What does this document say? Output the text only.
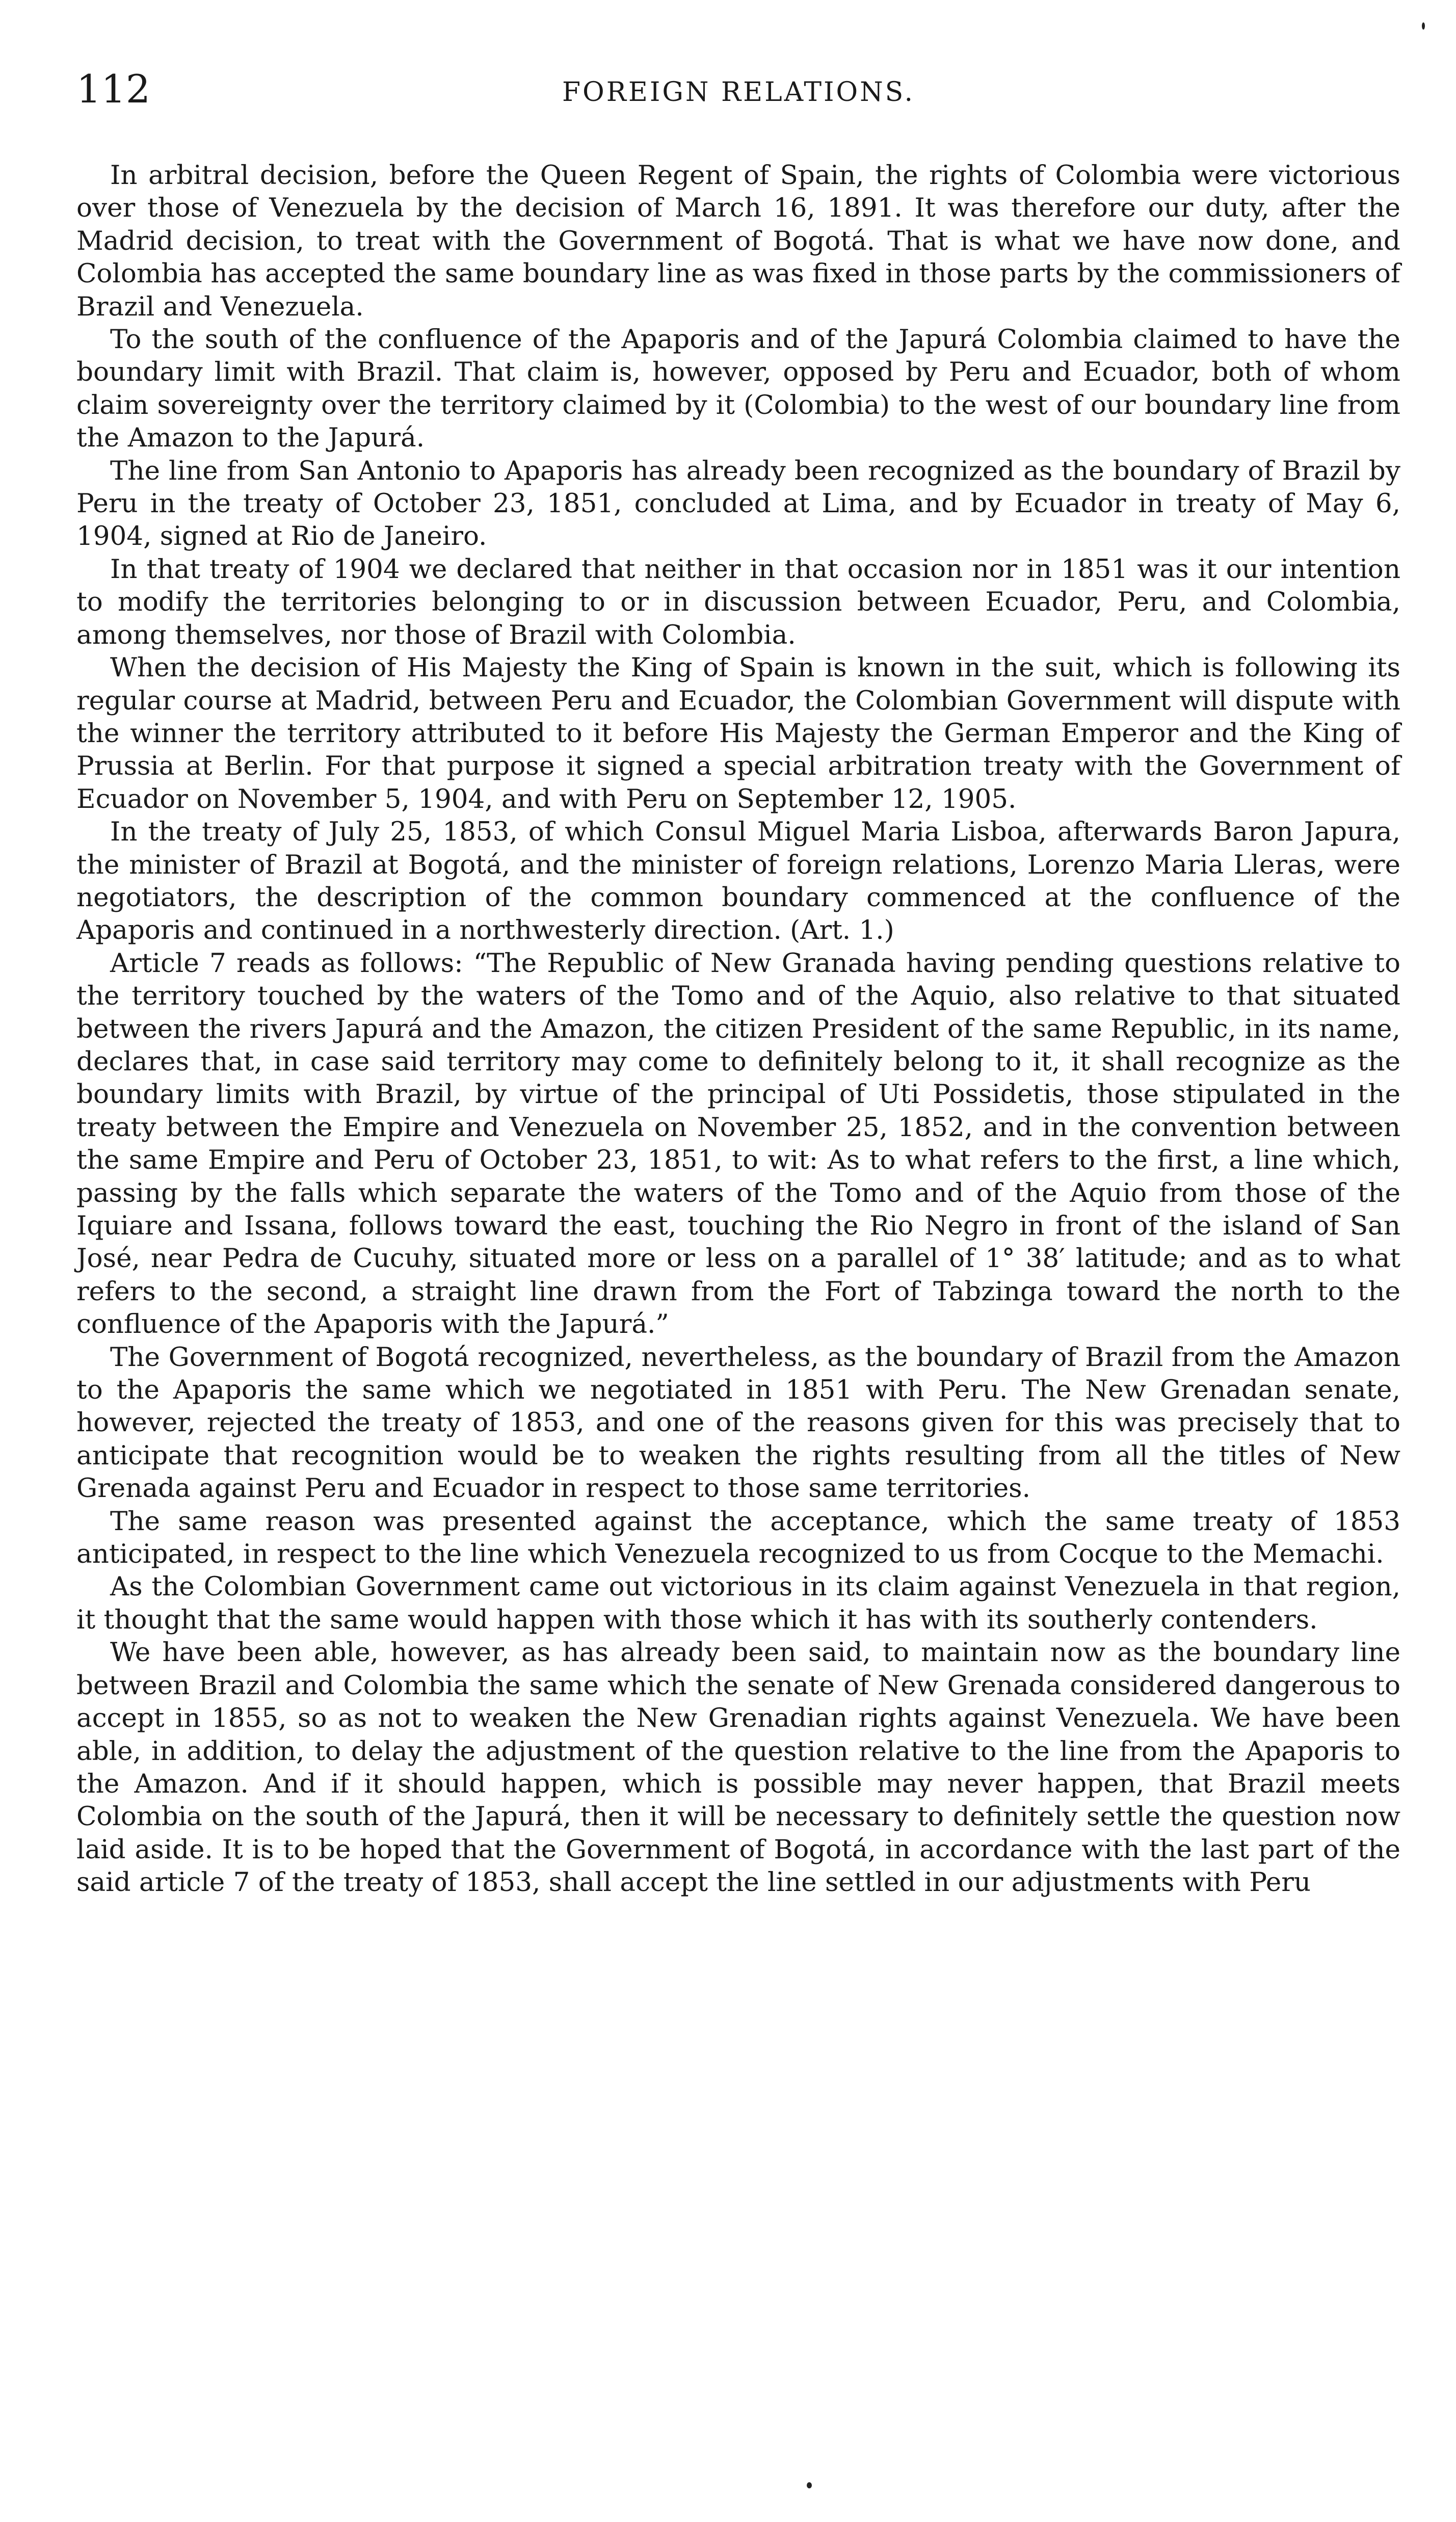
112	FOREIGN RELATIONS.

In arbitral decision, before the Queen Regent of Spain, the rights of Colombia were victorious over those of Venezuela by the decision of March 16, 1891. It was therefore our duty, after the Madrid decision, to treat with the Government of Bogotá. That is what we have now done, and Colombia has accepted the same boundary line as was fixed in those parts by the commissioners of Brazil and Venezuela.

To the south of the confluence of the Apaporis and of the Japurá Colombia claimed to have the boundary limit with Brazil. That claim is, however, opposed by Peru and Ecuador, both of whom claim sovereignty over the territory claimed by it (Colombia) to the west of our boundary line from the Amazon to the Japurá.

The line from San Antonio to Apaporis has already been recognized as the boundary of Brazil by Peru in the treaty of October 23, 1851, concluded at Lima, and by Ecuador in treaty of May 6, 1904, signed at Rio de Janeiro.

In that treaty of 1904 we declared that neither in that occasion nor in 1851 was it our intention to modify the territories belonging to or in discussion between Ecuador, Peru, and Colombia, among themselves, nor those of Brazil with Colombia.

When the decision of His Majesty the King of Spain is known in the suit, which is following its regular course at Madrid, between Peru and Ecuador, the Colombian Government will dispute with the winner the territory attributed to it before His Majesty the German Emperor and the King of Prussia at Berlin. For that purpose it signed a special arbitration treaty with the Government of Ecuador on November 5, 1904, and with Peru on September 12, 1905.

In the treaty of July 25, 1853, of which Consul Miguel Maria Lisboa, afterwards Baron Japura, the minister of Brazil at Bogotá, and the minister of foreign relations, Lorenzo Maria Lleras, were negotiators, the description of the common boundary commenced at the confluence of the Apaporis and continued in a northwesterly direction. (Art. 1.)

Article 7 reads as follows: “The Republic of New Granada having pending questions relative to the territory touched by the waters of the Tomo and of the Aquio, also relative to that situated between the rivers Japurá and the Amazon, the citizen President of the same Republic, in its name, declares that, in case said territory may come to definitely belong to it, it shall recognize as the boundary limits with Brazil, by virtue of the principal of Uti Possidetis, those stipulated in the treaty between the Empire and Venezuela on November 25, 1852, and in the convention between the same Empire and Peru of October 23, 1851, to wit: As to what refers to the first, a line which, passing by the falls which separate the waters of the Tomo and of the Aquio from those of the Iquiare and Issana, follows toward the east, touching the Rio Negro in front of the island of San José, near Pedra de Cucuhy, situated more or less on a parallel of 1° 38′ latitude; and as to what refers to the second, a straight line drawn from the Fort of Tabzinga toward the north to the confluence of the Apaporis with the Japurá.”

The Government of Bogotá recognized, nevertheless, as the boundary of Brazil from the Amazon to the Apaporis the same which we negotiated in 1851 with Peru. The New Grenadan senate, however, rejected the treaty of 1853, and one of the reasons given for this was precisely that to anticipate that recognition would be to weaken the rights resulting from all the titles of New Grenada against Peru and Ecuador in respect to those same territories.

The same reason was presented against the acceptance, which the same treaty of 1853 anticipated, in respect to the line which Venezuela recognized to us from Cocque to the Memachi.

As the Colombian Government came out victorious in its claim against Venezuela in that region, it thought that the same would happen with those which it has with its southerly contenders.

We have been able, however, as has already been said, to maintain now as the boundary line between Brazil and Colombia the same which the senate of New Grenada considered dangerous to accept in 1855, so as not to weaken the New Grenadian rights against Venezuela. We have been able, in addition, to delay the adjustment of the question relative to the line from the Apaporis to the Amazon. And if it should happen, which is possible may never happen, that Brazil meets Colombia on the south of the Japurá, then it will be necessary to definitely settle the question now laid aside. It is to be hoped that the Government of Bogotá, in accordance with the last part of the said article 7 of the treaty of 1853, shall accept the line settled in our adjustments with Peru
